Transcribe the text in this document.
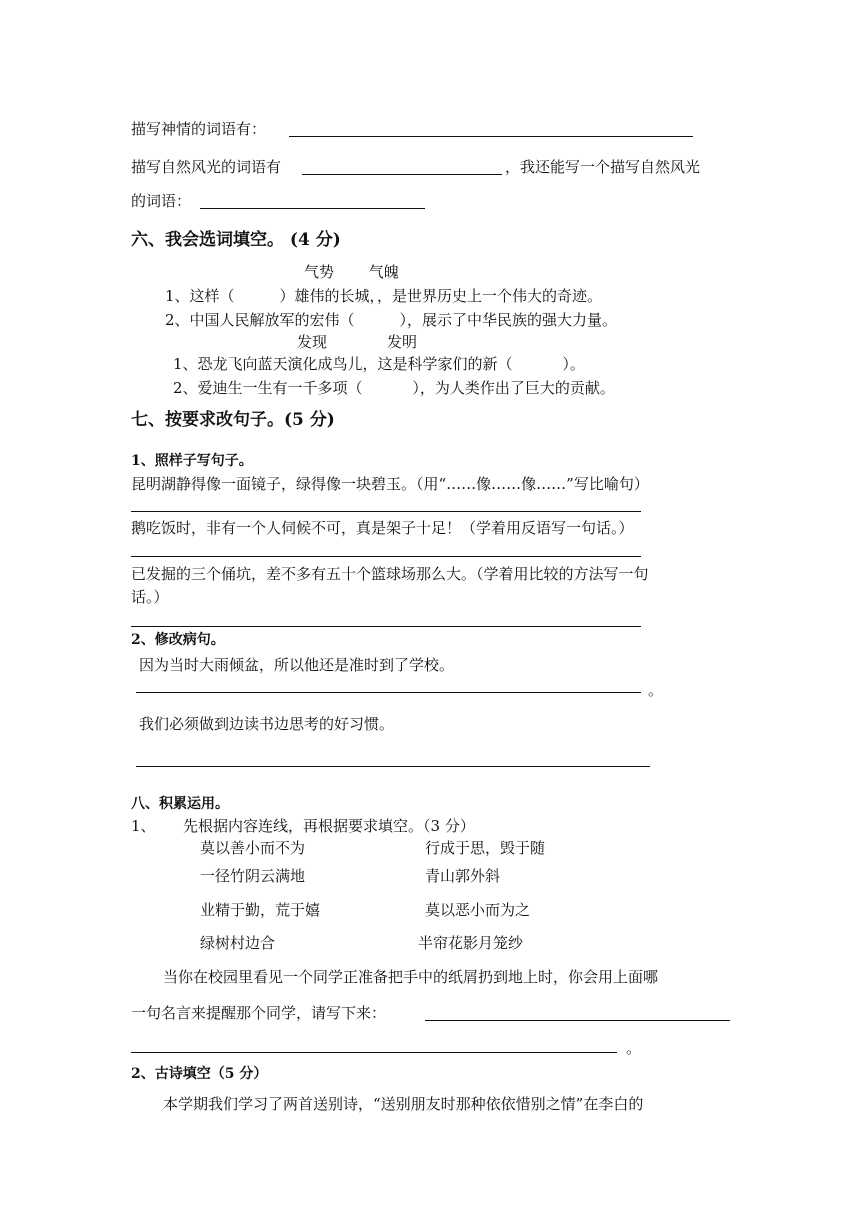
描写神情的词语有：
描写自然风光的词语有	，我还能写一个描写自然风光
的词语：
六、我会选词填空。 (4 分)
气势　　 气魄
1、这样（　　　）雄伟的长城，，是世界历史上一个伟大的奇迹。
2、中国人民解放军的宏伟（　　　），展示了中华民族的强大力量。
发现　　　　发明
1、恐龙飞向蓝天演化成鸟儿，这是科学家们的新（　　　 ）。
2、爱迪生一生有一千多项（　　　 ），为人类作出了巨大的贡献。
七、按要求改句子。(5 分)
1、照样子写句子。
昆明湖静得像一面镜子，绿得像一块碧玉。（用“……像……像……”写比喻句）
鹅吃饭时，非有一个人伺候不可，真是架子十足！（学着用反语写一句话。）
已发掘的三个俑坑，差不多有五十个篮球场那么大。（学着用比较的方法写一句
话。）
2、修改病句。
因为当时大雨倾盆，所以他还是准时到了学校。
。
我们必须做到边读书边思考的好习惯。
八、积累运用。
1、 先根据内容连线，再根据要求填空。（3 分）
莫以善小而不为	行成于思，毁于随
一径竹阴云满地	青山郭外斜
业精于勤，荒于嬉	莫以恶小而为之
绿树村边合	半帘花影月笼纱
当你在校园里看见一个同学正准备把手中的纸屑扔到地上时，你会用上面哪
一句名言来提醒那个同学，请写下来：
。
2、古诗填空（5 分）
本学期我们学习了两首送别诗，“送别朋友时那种依依惜别之情”在李白的
